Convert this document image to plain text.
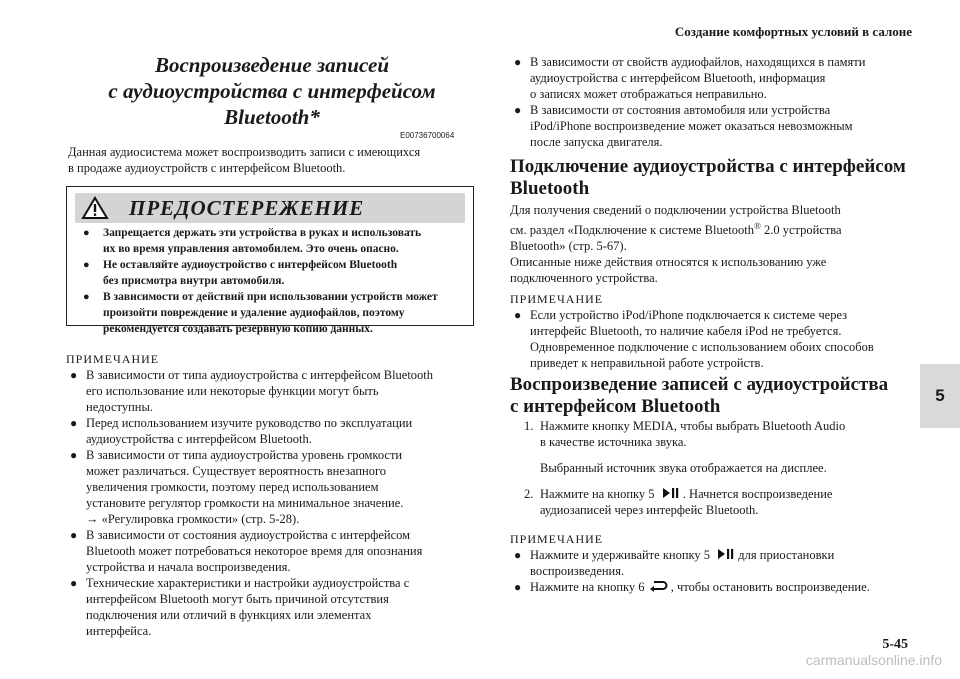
Создание комфортных условий в салоне
5-45
5
carmanualsonline.info
Воспроизведение записей
с аудиоустройства с интерфейсом
Bluetooth*
E00736700064
Данная аудиосистема может воспроизводить записи с имеющихся
в продаже аудиоустройств с интерфейсом Bluetooth.
ПРЕДОСТЕРЕЖЕНИЕ
● Запрещается держать эти устройства в руках и использовать
их во время управления автомобилем. Это очень опасно.
● Не оставляйте аудиоустройство с интерфейсом Bluetooth
без присмотра внутри автомобиля.
● В зависимости от действий при использовании устройств может
произойти повреждение и удаление аудиофайлов, поэтому
рекомендуется создавать резервную копию данных.
ПРИМЕЧАНИЕ
● В зависимости от типа аудиоустройства с интерфейсом Bluetooth
его использование или некоторые функции могут быть
недоступны.
● Перед использованием изучите руководство по эксплуатации
аудиоустройства с интерфейсом Bluetooth.
● В зависимости от типа аудиоустройства уровень громкости
может различаться. Существует вероятность внезапного
увеличения громкости, поэтому перед использованием
установите регулятор громкости на минимальное значение.
→ «Регулировка громкости» (стр. 5-28).
● В зависимости от состояния аудиоустройства с интерфейсом
Bluetooth может потребоваться некоторое время для опознания
устройства и начала воспроизведения.
● Технические характеристики и настройки аудиоустройства с
интерфейсом Bluetooth могут быть причиной отсутствия
подключения или отличий в функциях или элементах
интерфейса.
● В зависимости от свойств аудиофайлов, находящихся в памяти
аудиоустройства с интерфейсом Bluetooth, информация
о записях может отображаться неправильно.
● В зависимости от состояния автомобиля или устройства
iPod/iPhone воспроизведение может оказаться невозможным
после запуска двигателя.
Подключение аудиоустройства с интерфейсом
Bluetooth
Для получения сведений о подключении устройства Bluetooth
см. раздел «Подключение к системе Bluetooth® 2.0 устройства
Bluetooth» (стр. 5-67).
Описанные ниже действия относятся к использованию уже
подключенного устройства.
ПРИМЕЧАНИЕ
● Если устройство iPod/iPhone подключается к системе через
интерфейс Bluetooth, то наличие кабеля iPod не требуется.
Одновременное подключение с использованием обоих способов
приведет к неправильной работе устройств.
Воспроизведение записей с аудиоустройства
с интерфейсом Bluetooth
1. Нажмите кнопку MEDIA, чтобы выбрать Bluetooth Audio
в качестве источника звука.
Выбранный источник звука отображается на дисплее.
2. Нажмите на кнопку 5 . Начнется воспроизведение
аудиозаписей через интерфейс Bluetooth.
ПРИМЕЧАНИЕ
● Нажмите и удерживайте кнопку 5 для приостановки
воспроизведения.
● Нажмите на кнопку 6 , чтобы остановить воспроизведение.
